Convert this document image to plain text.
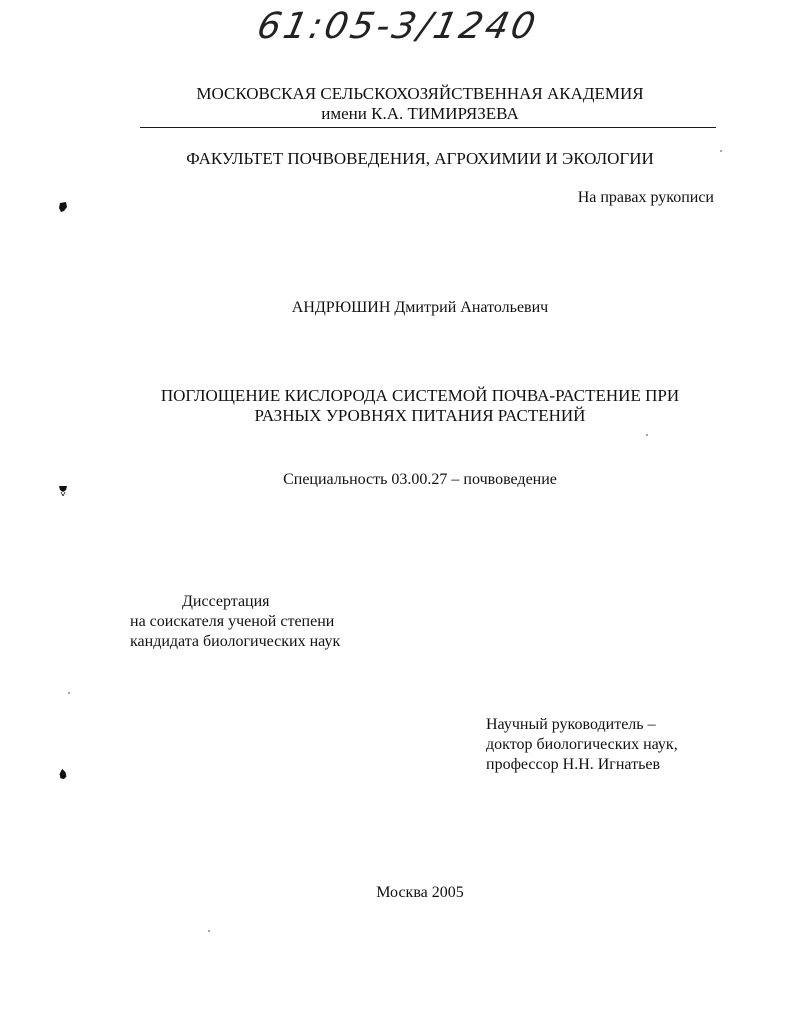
61:05-3/1240
МОСКОВСКАЯ СЕЛЬСКОХОЗЯЙСТВЕННАЯ АКАДЕМИЯ
имени К.А. ТИМИРЯЗЕВА
ФАКУЛЬТЕТ ПОЧВОВЕДЕНИЯ, АГРОХИМИИ И ЭКОЛОГИИ
На правах рукописи
АНДРЮШИН Дмитрий Анатольевич
ПОГЛОЩЕНИЕ КИСЛОРОДА СИСТЕМОЙ ПОЧВА-РАСТЕНИЕ ПРИ
РАЗНЫХ УРОВНЯХ ПИТАНИЯ РАСТЕНИЙ
Специальность 03.00.27 – почвоведение
Диссертация
на соискателя ученой степени
кандидата биологических наук
Научный руководитель –
доктор биологических наук,
профессор Н.Н. Игнатьев
Москва 2005
